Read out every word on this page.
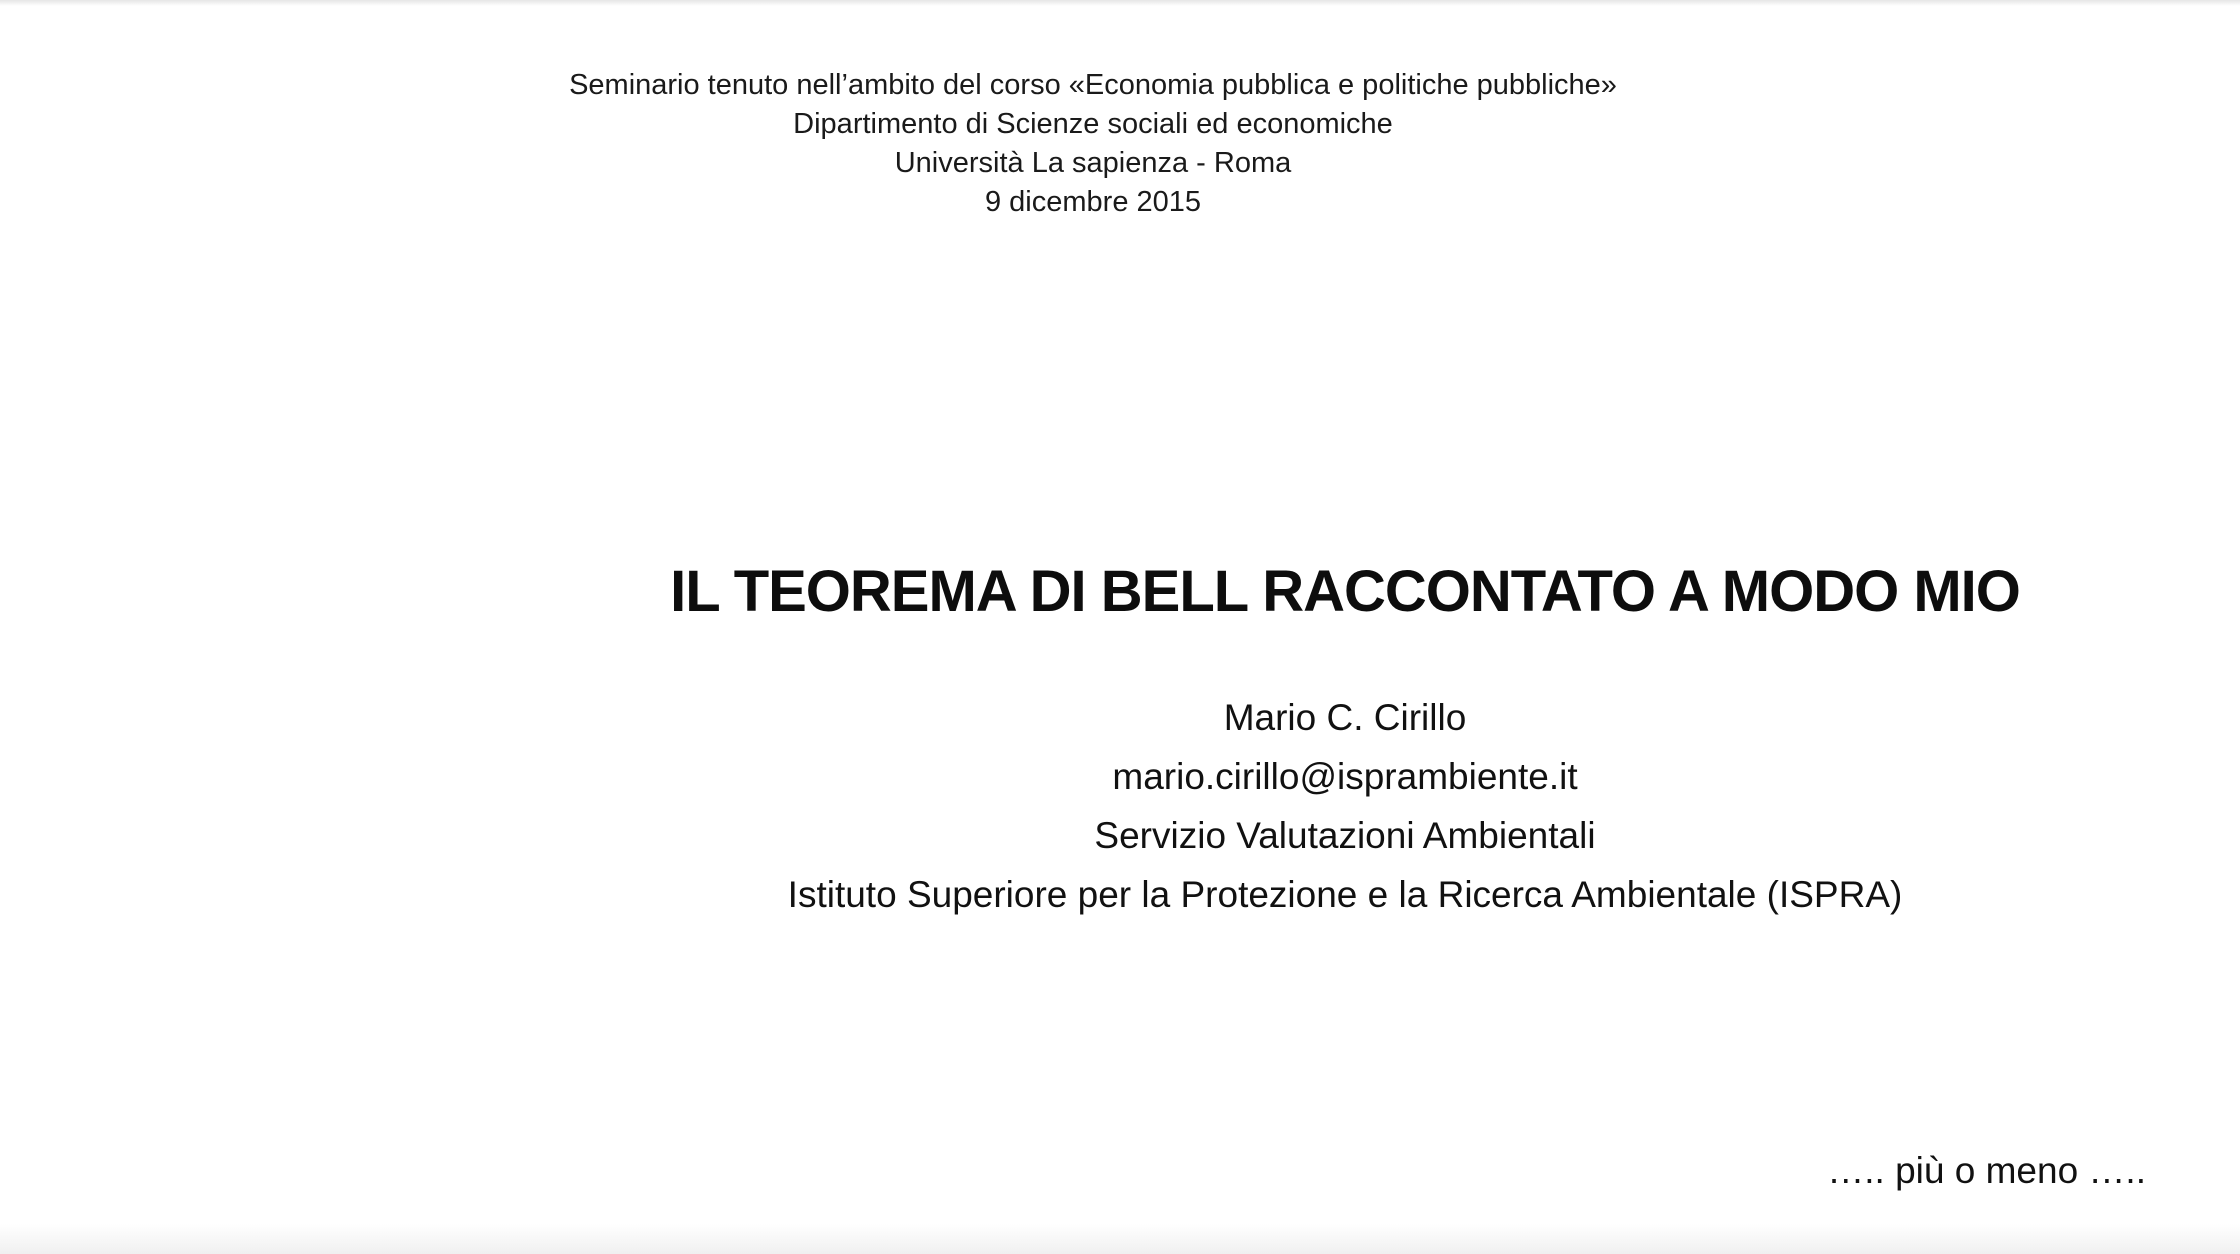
Seminario tenuto nell’ambito del corso «Economia pubblica e politiche pubbliche»
Dipartimento di Scienze sociali ed economiche
Università La sapienza - Roma
9 dicembre 2015
IL TEOREMA DI BELL RACCONTATO A MODO MIO
Mario C. Cirillo
mario.cirillo@isprambiente.it
Servizio Valutazioni Ambientali
Istituto Superiore per la Protezione e la Ricerca Ambientale (ISPRA)
….. più o meno …..
